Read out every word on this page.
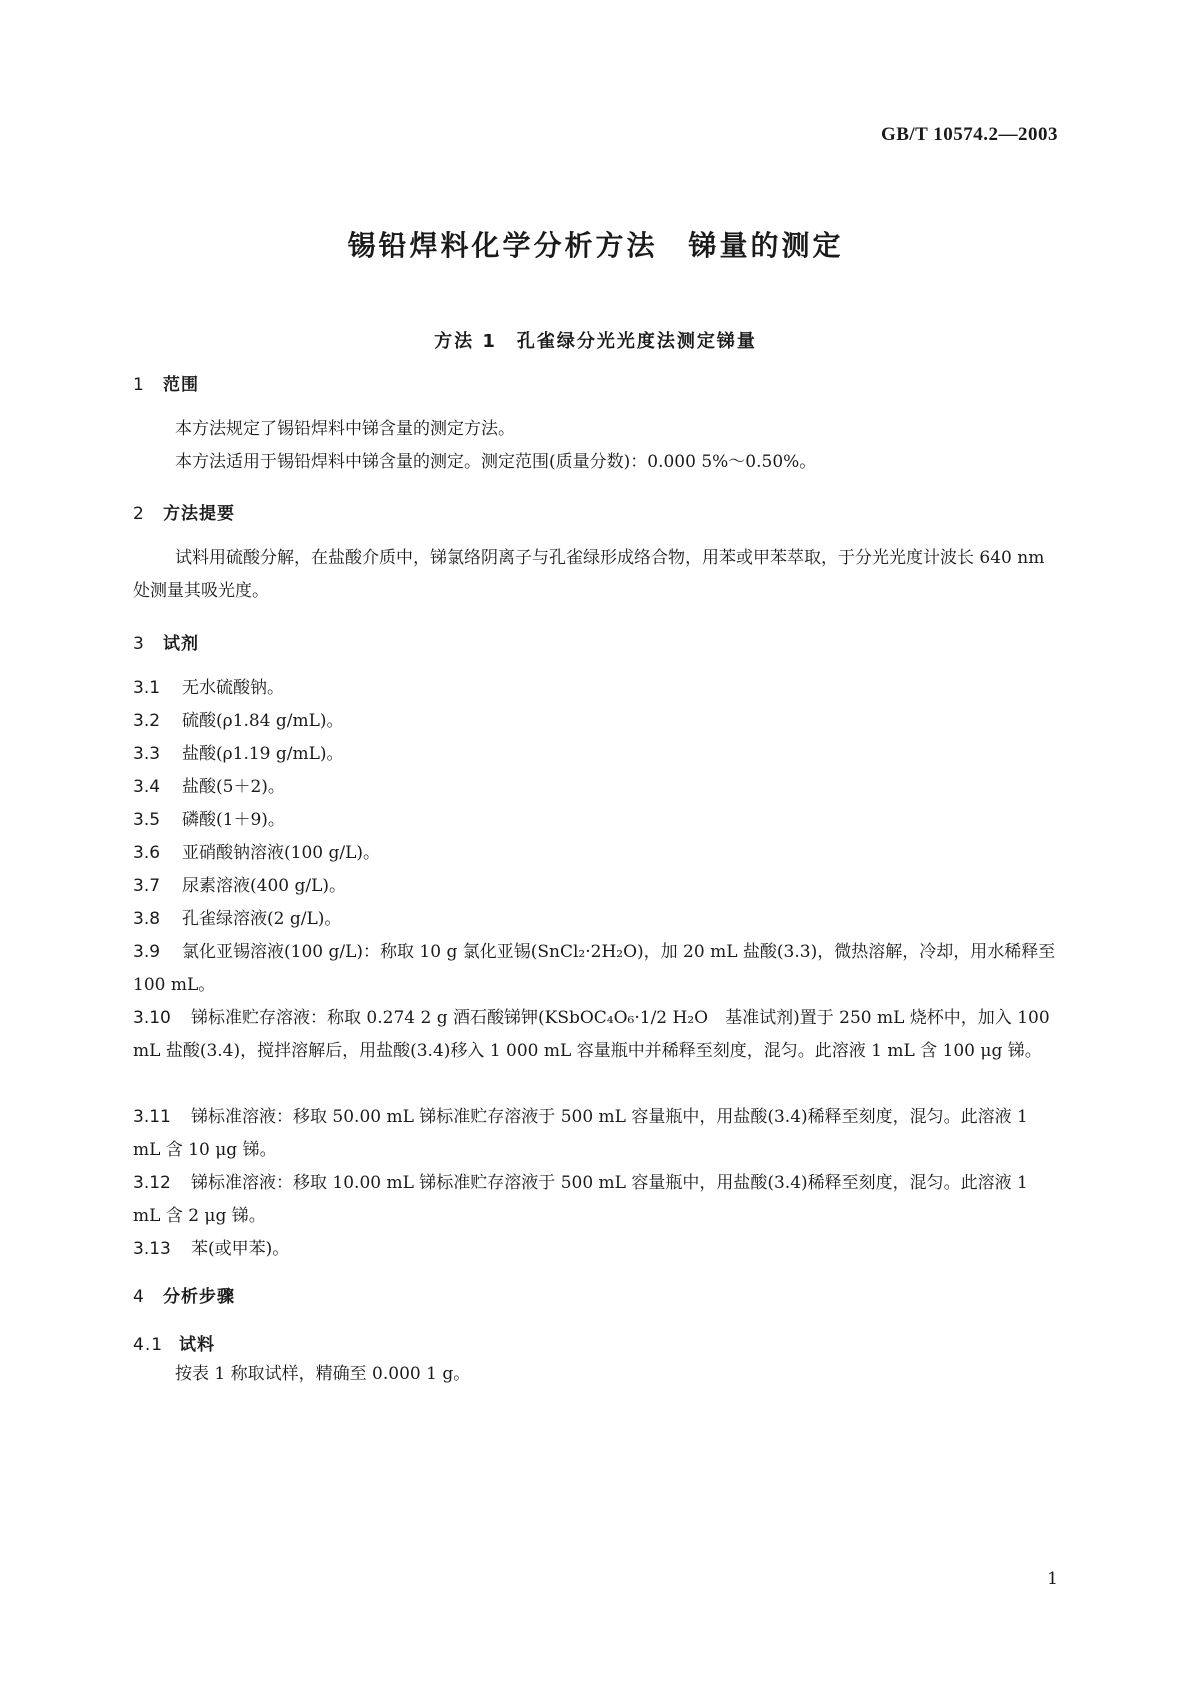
GB/T 10574.2—2003
锡铅焊料化学分析方法　锑量的测定
方法 1　孔雀绿分光光度法测定锑量
1 范围
本方法规定了锡铅焊料中锑含量的测定方法。
本方法适用于锡铅焊料中锑含量的测定。测定范围(质量分数)：0.000 5%～0.50%。
2 方法提要
试料用硫酸分解，在盐酸介质中，锑氯络阴离子与孔雀绿形成络合物，用苯或甲苯萃取，于分光光度计波长 640 nm 处测量其吸光度。
3 试剂
3.1 无水硫酸钠。
3.2 硫酸(ρ1.84 g/mL)。
3.3 盐酸(ρ1.19 g/mL)。
3.4 盐酸(5＋2)。
3.5 磷酸(1＋9)。
3.6 亚硝酸钠溶液(100 g/L)。
3.7 尿素溶液(400 g/L)。
3.8 孔雀绿溶液(2 g/L)。
3.9 氯化亚锡溶液(100 g/L)：称取 10 g 氯化亚锡(SnCl₂·2H₂O)，加 20 mL 盐酸(3.3)，微热溶解，冷却，用水稀释至 100 mL。
3.10 锑标准贮存溶液：称取 0.274 2 g 酒石酸锑钾(KSbOC₄O₆·1/2 H₂O　基准试剂)置于 250 mL 烧杯中，加入 100 mL 盐酸(3.4)，搅拌溶解后，用盐酸(3.4)移入 1 000 mL 容量瓶中并稀释至刻度，混匀。此溶液 1 mL 含 100 μg 锑。
3.11 锑标准溶液：移取 50.00 mL 锑标准贮存溶液于 500 mL 容量瓶中，用盐酸(3.4)稀释至刻度，混匀。此溶液 1 mL 含 10 μg 锑。
3.12 锑标准溶液：移取 10.00 mL 锑标准贮存溶液于 500 mL 容量瓶中，用盐酸(3.4)稀释至刻度，混匀。此溶液 1 mL 含 2 μg 锑。
3.13 苯(或甲苯)。
4 分析步骤
4.1 试料
按表 1 称取试样，精确至 0.000 1 g。
1
